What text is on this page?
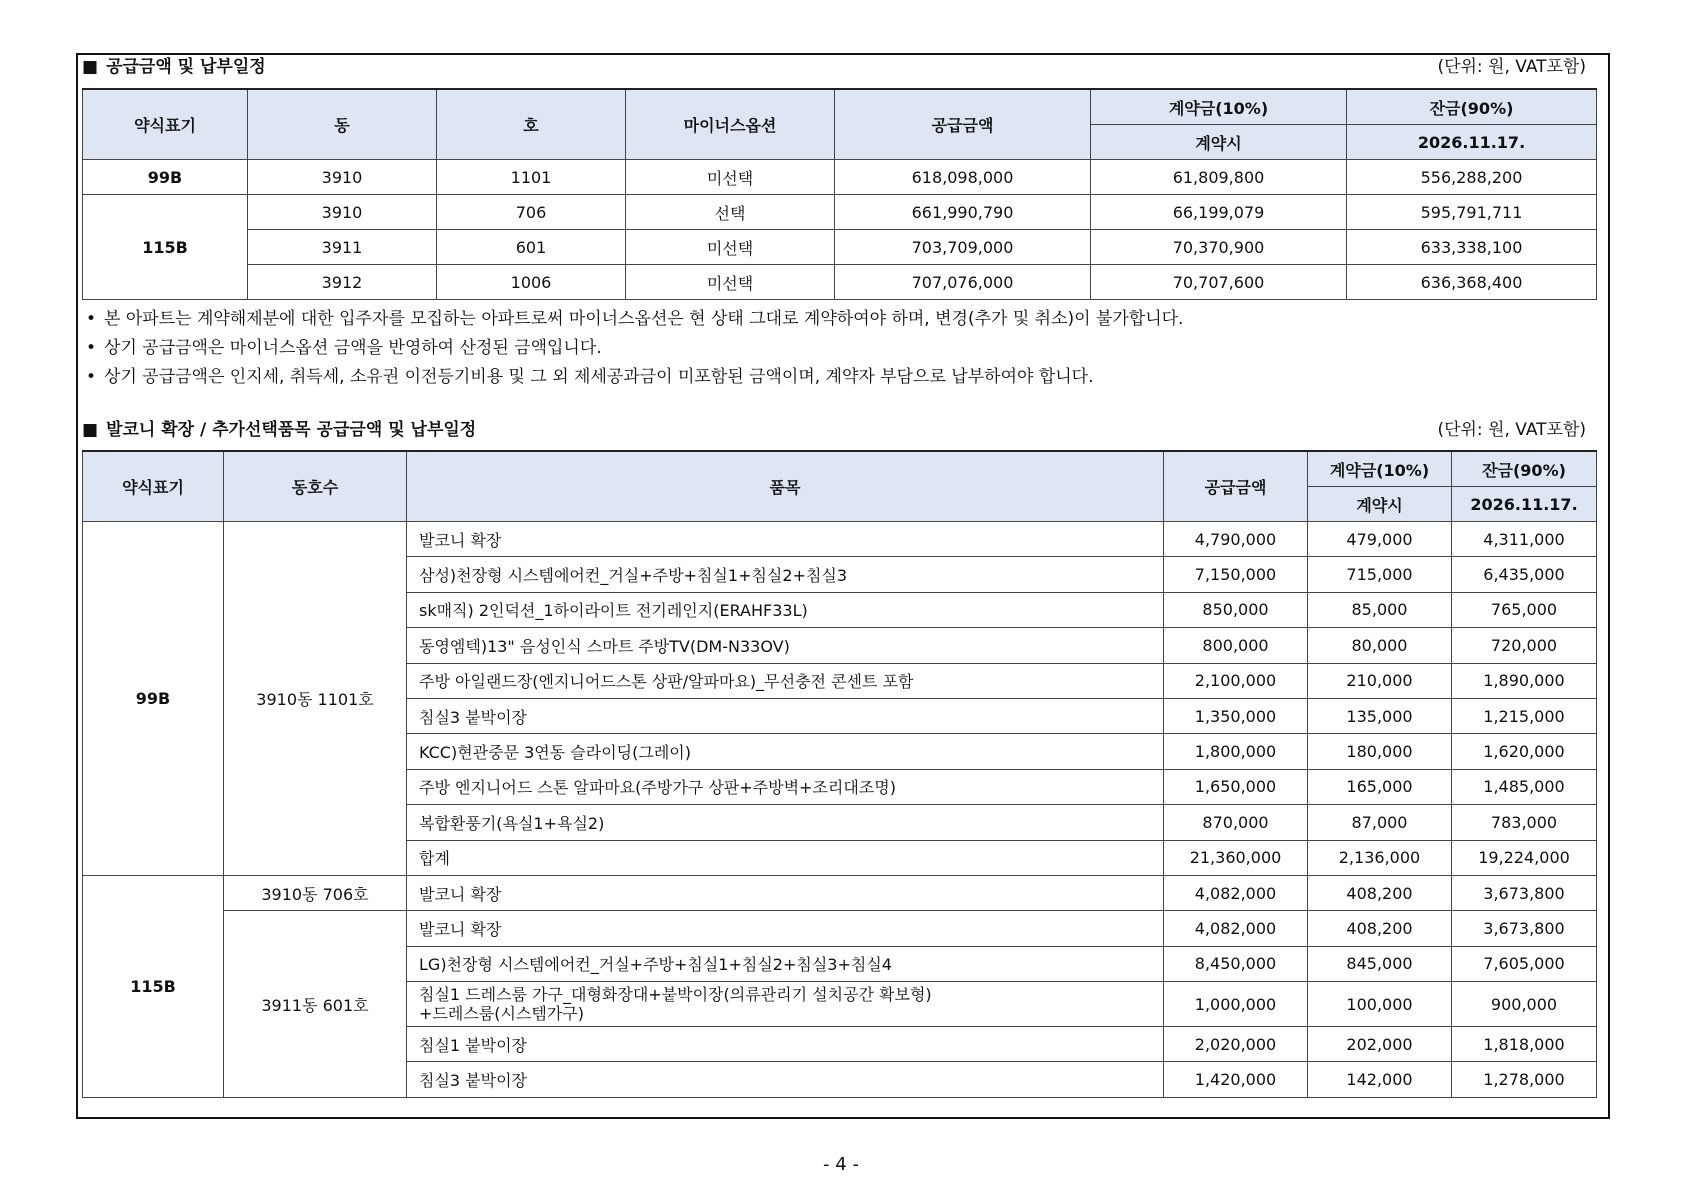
■ 공급금액 및 납부일정	(단위: 원, VAT포함)
약식표기	동	호	마이너스옵션	공급금액	계약금(10%)	잔금(90%)
					계약시	2026.11.17.
99B	3910	1101	미선택	618,098,000	61,809,800	556,288,200
115B	3910	706	선택	661,990,790	66,199,079	595,791,711
	3911	601	미선택	703,709,000	70,370,900	633,338,100
	3912	1006	미선택	707,076,000	70,707,600	636,368,400
• 본 아파트는 계약해제분에 대한 입주자를 모집하는 아파트로써 마이너스옵션은 현 상태 그대로 계약하여야 하며, 변경(추가 및 취소)이 불가합니다.
• 상기 공급금액은 마이너스옵션 금액을 반영하여 산정된 금액입니다.
• 상기 공급금액은 인지세, 취득세, 소유권 이전등기비용 및 그 외 제세공과금이 미포함된 금액이며, 계약자 부담으로 납부하여야 합니다.
■ 발코니 확장 / 추가선택품목 공급금액 및 납부일정	(단위: 원, VAT포함)
약식표기	동호수	품목	공급금액	계약금(10%)	잔금(90%)
				계약시	2026.11.17.
99B	3910동 1101호	발코니 확장	4,790,000	479,000	4,311,000
		삼성)천장형 시스템에어컨_거실+주방+침실1+침실2+침실3	7,150,000	715,000	6,435,000
		sk매직) 2인덕션_1하이라이트 전기레인지(ERAHF33L)	850,000	85,000	765,000
		동영엠텍)13" 음성인식 스마트 주방TV(DM-N33OV)	800,000	80,000	720,000
		주방 아일랜드장(엔지니어드스톤 상판/알파마요)_무선충전 콘센트 포함	2,100,000	210,000	1,890,000
		침실3 붙박이장	1,350,000	135,000	1,215,000
		KCC)현관중문 3연동 슬라이딩(그레이)	1,800,000	180,000	1,620,000
		주방 엔지니어드 스톤 알파마요(주방가구 상판+주방벽+조리대조명)	1,650,000	165,000	1,485,000
		복합환풍기(욕실1+욕실2)	870,000	87,000	783,000
		합계	21,360,000	2,136,000	19,224,000
115B	3910동 706호	발코니 확장	4,082,000	408,200	3,673,800
	3911동 601호	발코니 확장	4,082,000	408,200	3,673,800
		LG)천장형 시스템에어컨_거실+주방+침실1+침실2+침실3+침실4	8,450,000	845,000	7,605,000

		침실1 드레스룸 가구_대형화장대+붙박이장(의류관리기 설치공간 확보형)
+드레스룸(시스템가구)	1,000,000	100,000	900,000
		침실1 붙박이장	2,020,000	202,000	1,818,000
		침실3 붙박이장	1,420,000	142,000	1,278,000
- 4 -
